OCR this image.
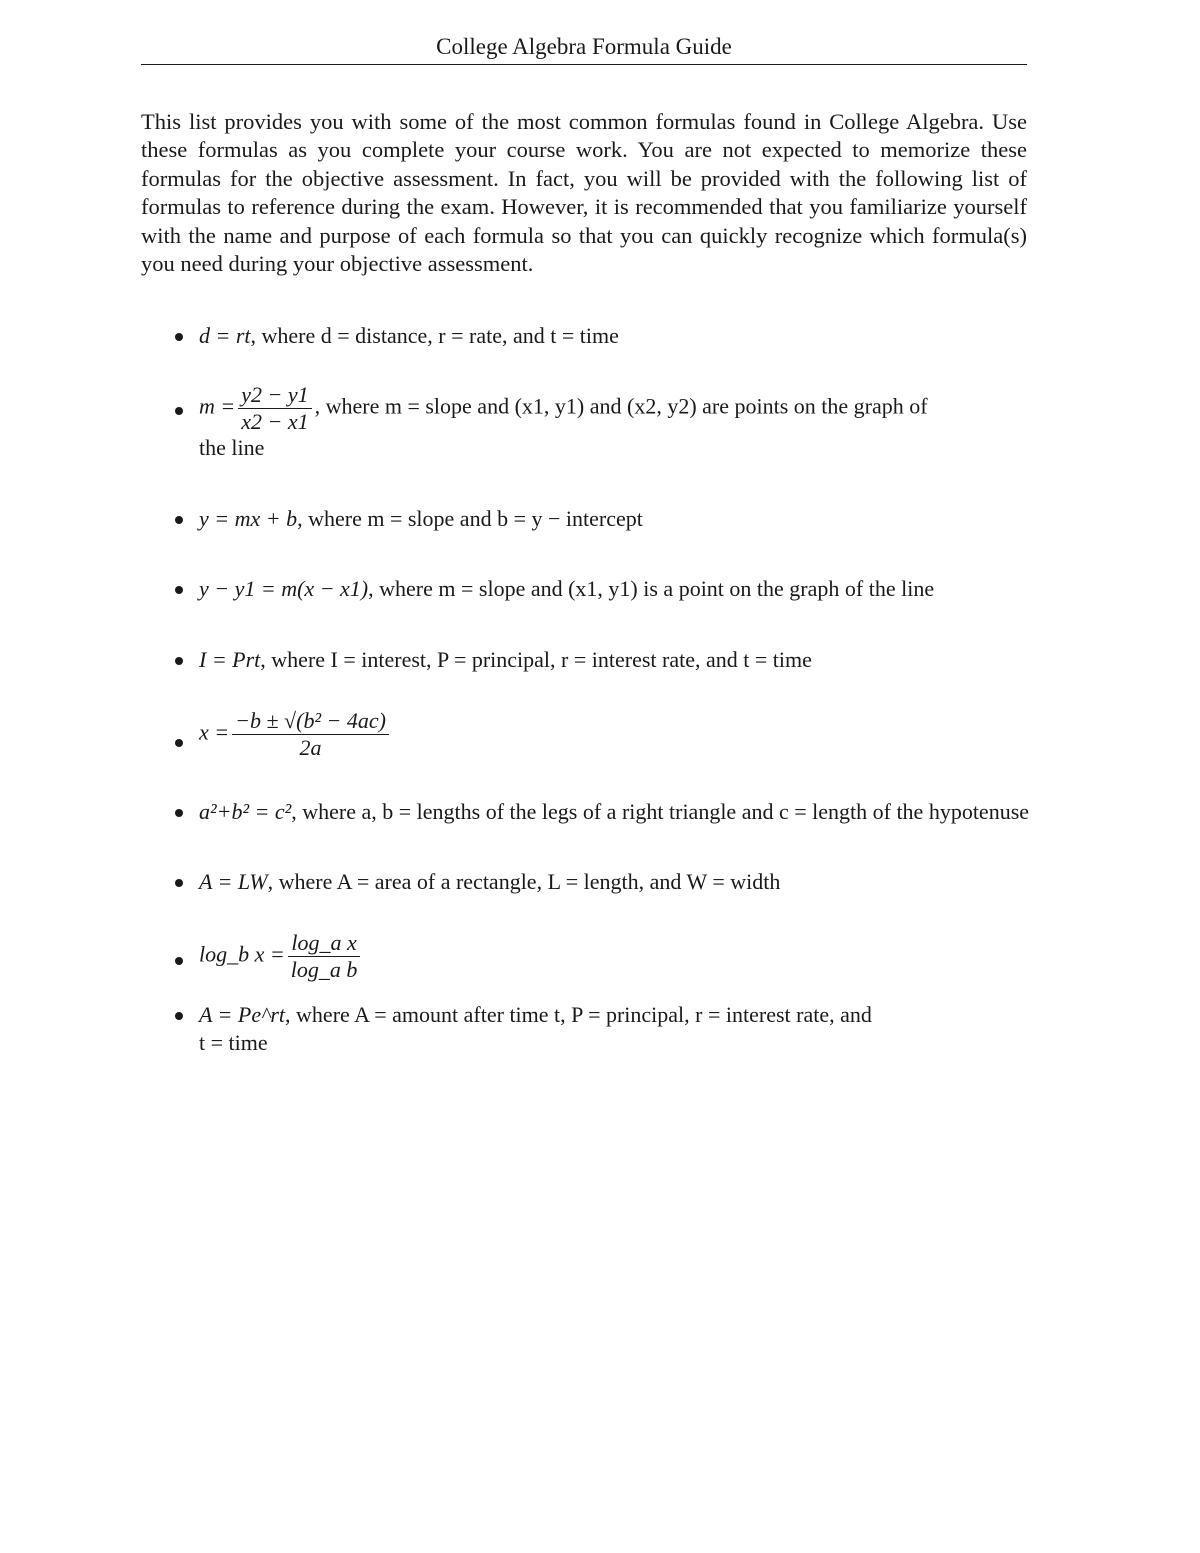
College Algebra Formula Guide
This list provides you with some of the most common formulas found in College Algebra. Use these formulas as you complete your course work. You are not expected to memorize these formulas for the objective assessment. In fact, you will be provided with the following list of formulas to reference during the exam. However, it is recommended that you familiarize yourself with the name and purpose of each formula so that you can quickly recognize which formula(s) you need during your objective assessment.
d = rt, where d = distance, r = rate, and t = time
$m = \frac{y2 - y1}{x2 - x1}$ , where m = slope and (x1, y1) and (x2, y2) are points on the graph of
the line
y = mx + b, where m = slope and b = y − intercept
y − y1 = m(x − x1), where m = slope and (x1, y1) is a point on the graph of the line
I = Prt, where I = interest, P = principal, r = interest rate, and t = time
$x = \frac{\text{−b ± √(b² − 4ac)}}{2a}$
a²+b² = c², where a, b = lengths of the legs of a right triangle and c = length of the hypotenuse
A = LW, where A = area of a rectangle, L = length, and W = width
log_b $x = \frac{\text{log\_a x}}{\text{log\_a b}}$
A = Pe^rt, where A = amount after time t, P = principal, r = interest rate, and
t = time
